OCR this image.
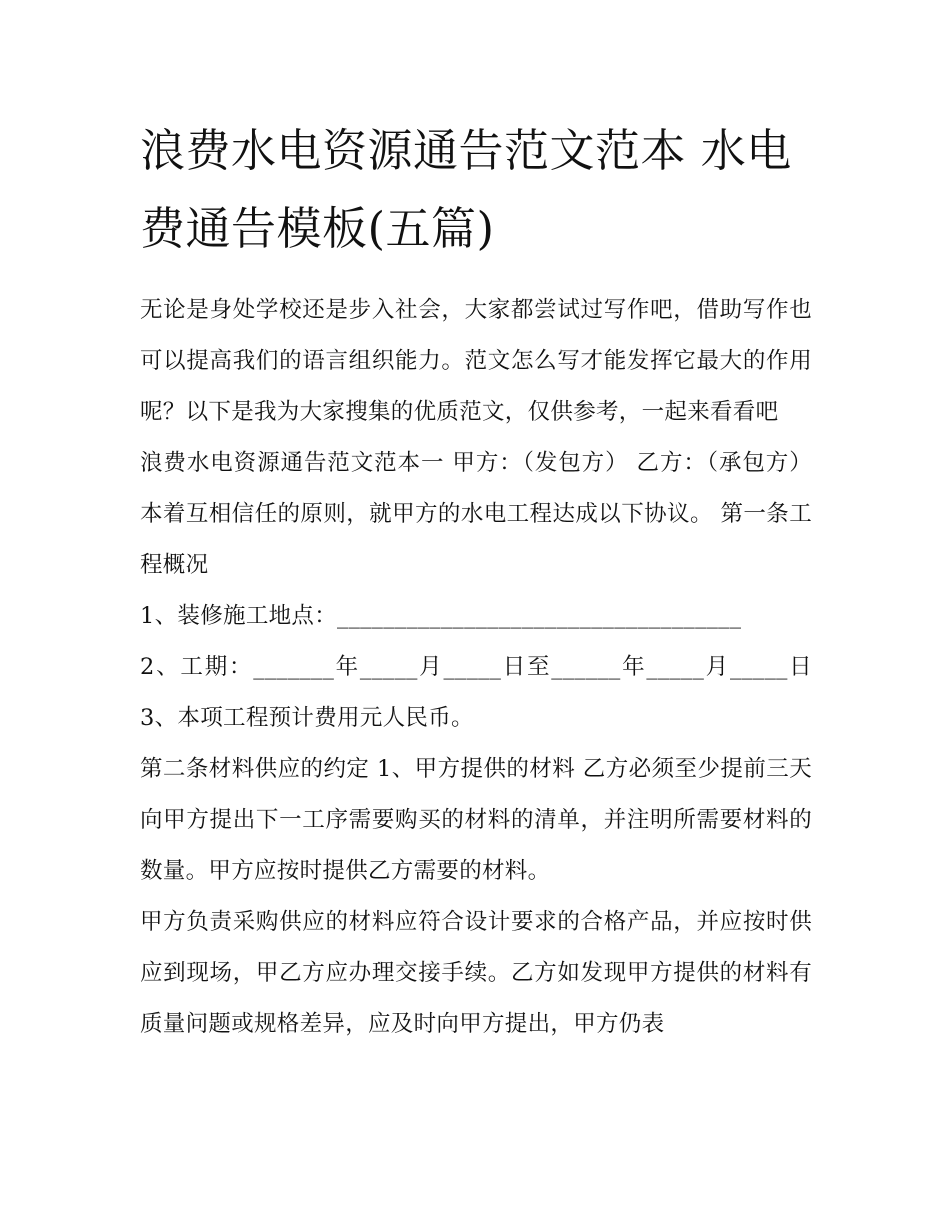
浪费水电资源通告范文范本 水电费通告模板(五篇)

无论是身处学校还是步入社会，大家都尝试过写作吧，借助写作也可以提高我们的语言组织能力。范文怎么写才能发挥它最大的作用呢？以下是我为大家搜集的优质范文，仅供参考，一起来看看吧

浪费水电资源通告范文范本一 甲方：（发包方） 乙方：（承包方） 本着互相信任的原则，就甲方的水电工程达成以下协议。 第一条工程概况

1、装修施工地点：___________________________________

2、工期：_______年_____月_____日至______年_____月_____日 3、本项工程预计费用元人民币。

第二条材料供应的约定 1、甲方提供的材料 乙方必须至少提前三天向甲方提出下一工序需要购买的材料的清单，并注明所需要材料的数量。甲方应按时提供乙方需要的材料。

甲方负责采购供应的材料应符合设计要求的合格产品，并应按时供应到现场，甲乙方应办理交接手续。乙方如发现甲方提供的材料有质量问题或规格差异，应及时向甲方提出，甲方仍表
